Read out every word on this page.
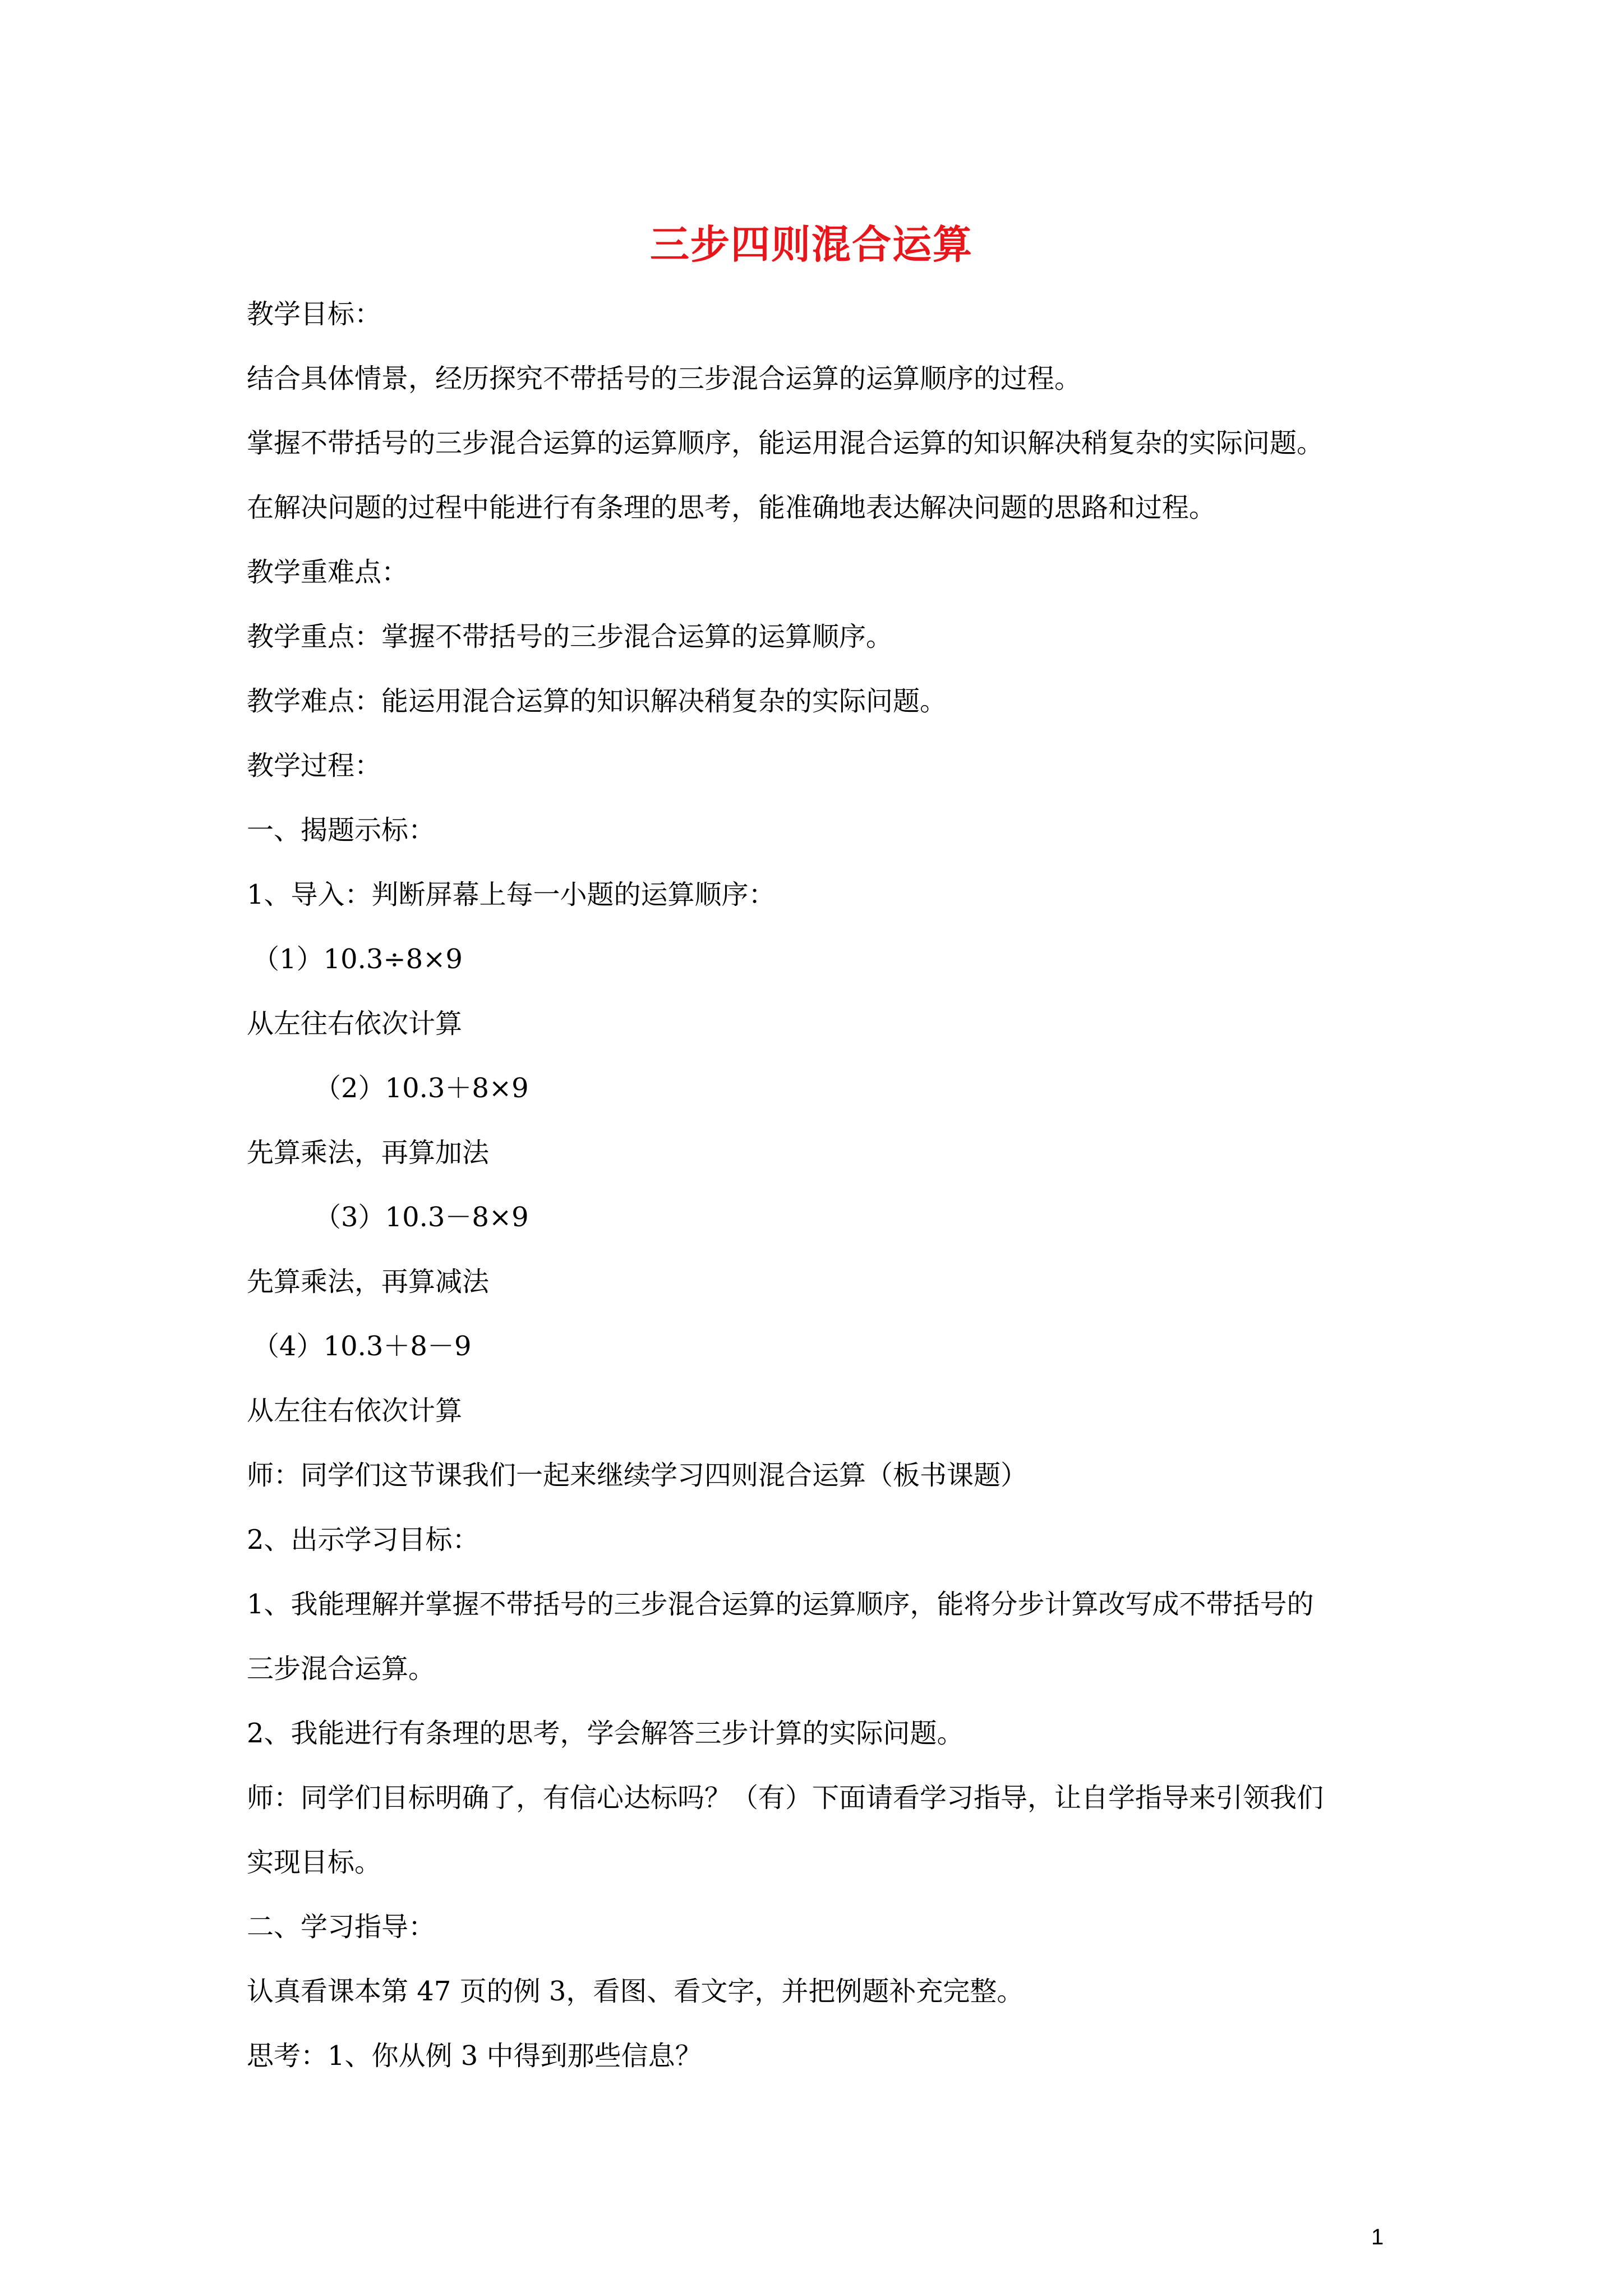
三步四则混合运算
教学目标：
结合具体情景，经历探究不带括号的三步混合运算的运算顺序的过程。
掌握不带括号的三步混合运算的运算顺序，能运用混合运算的知识解决稍复杂的实际问题。
在解决问题的过程中能进行有条理的思考，能准确地表达解决问题的思路和过程。
教学重难点：
教学重点：掌握不带括号的三步混合运算的运算顺序。
教学难点：能运用混合运算的知识解决稍复杂的实际问题。
教学过程：
一、揭题示标：
1、导入：判断屏幕上每一小题的运算顺序：
（1）10.3÷8×9
从左往右依次计算
（2）10.3＋8×9
先算乘法，再算加法
（3）10.3－8×9
先算乘法，再算减法
（4）10.3＋8－9
从左往右依次计算
师：同学们这节课我们一起来继续学习四则混合运算（板书课题）
2、出示学习目标：
1、我能理解并掌握不带括号的三步混合运算的运算顺序，能将分步计算改写成不带括号的
三步混合运算。
2、我能进行有条理的思考，学会解答三步计算的实际问题。
师：同学们目标明确了，有信心达标吗？（有）下面请看学习指导，让自学指导来引领我们
实现目标。
二、学习指导：
认真看课本第 47 页的例 3，看图、看文字，并把例题补充完整。
思考：1、你从例 3 中得到那些信息？
1
